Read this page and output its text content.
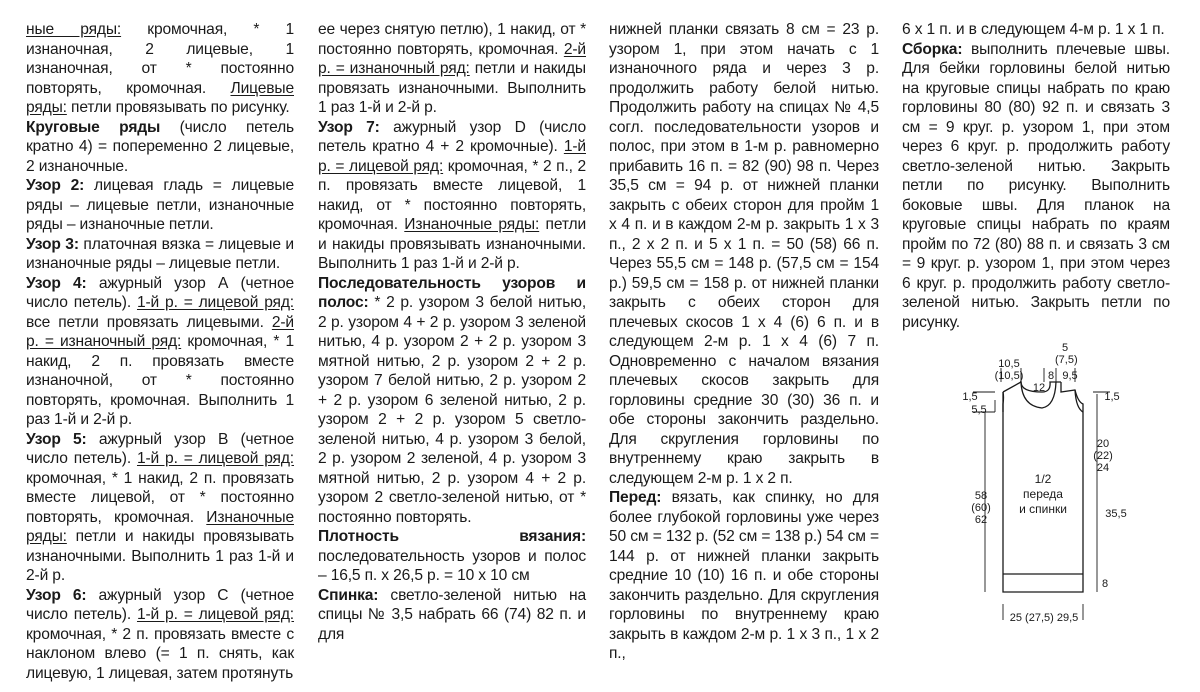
ные ряды: кромочная, * 1 изнаночная, 2 лицевые, 1 изнаночная, от * постоянно повторять, кромочная. Лицевые ряды: петли провязывать по рисунку.

Круговые ряды (число петель кратно 4) = попеременно 2 лицевые, 2 изнаночные.

Узор 2: лицевая гладь = лицевые ряды – лицевые петли, изнаночные ряды – изнаночные петли.

Узор 3: платочная вязка = лицевые и изнаночные ряды – лицевые петли.

Узор 4: ажурный узор А (четное число петель). 1-й р. = лицевой ряд: все петли провязать лицевыми. 2-й р. = изнаночный ряд: кромочная, * 1 накид, 2 п. провязать вместе изнаночной, от * постоянно повторять, кромочная. Выполнить 1 раз 1-й и 2-й р.

Узор 5: ажурный узор В (четное число петель). 1-й р. = лицевой ряд: кромочная, * 1 накид, 2 п. провязать вместе лицевой, от * постоянно повторять, кромочная. Изнаночные ряды: петли и накиды провязывать изнаночными. Выполнить 1 раз 1-й и 2-й р.

Узор 6: ажурный узор С (четное число петель). 1-й р. = лицевой ряд: кромочная, * 2 п. провязать вместе с наклоном влево (= 1 п. снять, как лицевую, 1 лицевая, затем протянуть

ее через снятую петлю), 1 накид, от * постоянно повторять, кромочная. 2-й р. = изнаночный ряд: петли и накиды провязать изнаночными. Выполнить 1 раз 1-й и 2-й р.

Узор 7: ажурный узор D (число петель кратно 4 + 2 кромочные). 1-й р. = лицевой ряд: кромочная, * 2 п., 2 п. провязать вместе лицевой, 1 накид, от * постоянно повторять, кромочная. Изнаночные ряды: петли и накиды провязывать изнаночными. Выполнить 1 раз 1-й и 2-й р.

Последовательность узоров и полос: * 2 р. узором 3 белой нитью, 2 р. узором 4 + 2 р. узором 3 зеленой нитью, 4 р. узором 2 + 2 р. узором 3 мятной нитью, 2 р. узором 2 + 2 р. узором 7 белой нитью, 2 р. узором 2 + 2 р. узором 6 зеленой нитью, 2 р. узором 2 + 2 р. узором 5 светло-зеленой нитью, 4 р. узором 3 белой, 2 р. узором 2 зеленой, 4 р. узором 3 мятной нитью, 2 р. узором 4 + 2 р. узором 2 светло-зеленой нитью, от * постоянно повторять.

Плотность вязания: последовательность узоров и полос – 16,5 п. х 26,5 р. = 10 х 10 см

Спинка: светло-зеленой нитью на спицы № 3,5 набрать 66 (74) 82 п. и для

нижней планки связать 8 см = 23 р. узором 1, при этом начать с 1 изнаночного ряда и через 3 р. продолжить работу белой нитью. Продолжить работу на спицах № 4,5 согл. последовательности узоров и полос, при этом в 1-м р. равномерно прибавить 16 п. = 82 (90) 98 п. Через 35,5 см = 94 р. от нижней планки закрыть с обеих сторон для пройм 1 х 4 п. и в каждом 2-м р. закрыть 1 х 3 п., 2 х 2 п. и 5 х 1 п. = 50 (58) 66 п. Через 55,5 см = 148 р. (57,5 см = 154 р.) 59,5 см = 158 р. от нижней планки закрыть с обеих сторон для плечевых скосов 1 х 4 (6) 6 п. и в следующем 2-м р. 1 х 4 (6) 7 п. Одновременно с началом вязания плечевых скосов закрыть для горловины средние 30 (30) 36 п. и обе стороны закончить раздельно. Для скругления горловины по внутреннему краю закрыть в следующем 2-м р. 1 х 2 п.

Перед: вязать, как спинку, но для более глубокой горловины уже через 50 см = 132 р. (52 см = 138 р.) 54 см = 144 р. от нижней планки закрыть средние 10 (10) 16 п. и обе стороны закончить раздельно. Для скругления горловины по внутреннему краю закрыть в каждом 2-м р. 1 х 3 п., 1 х 2 п.,

6 х 1 п. и в следующем 4-м р. 1 х 1 п.

Сборка: выполнить плечевые швы. Для бейки горловины белой нитью на круговые спицы набрать по краю горловины 80 (80) 92 п. и связать 3 см = 9 круг. р. узором 1, при этом через 6 круг. р. продолжить работу светло-зеленой нитью. Закрыть петли по рисунку. Выполнить боковые швы. Для планок на круговые спицы набрать по краям пройм по 72 (80) 88 п. и связать 3 см = 9 круг. р. узором 1, при этом через 6 круг. р. продолжить работу светло-зеленой нитью. Закрыть петли по рисунку.

5
(7,5)
10,5
(10,5)
12
8 9,5
1,5
5,5
1,5
20
(22)
24
58
(60)
62
1/2
переда
и спинки	35,5
8
25 (27,5) 29,5
